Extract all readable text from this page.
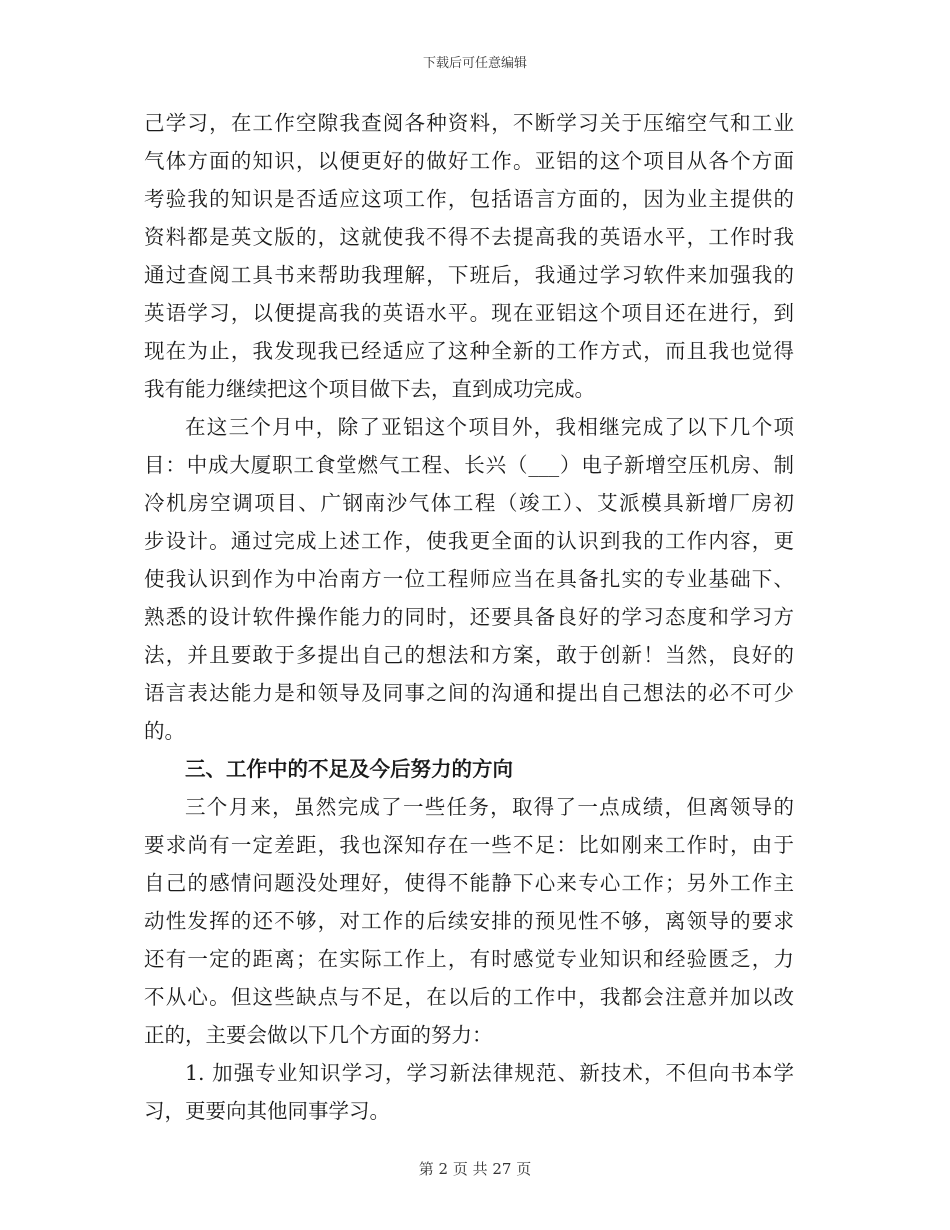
下载后可任意编辑
己学习，在工作空隙我查阅各种资料，不断学习关于压缩空气和工业
气体方面的知识，以便更好的做好工作。亚铝的这个项目从各个方面
考验我的知识是否适应这项工作，包括语言方面的，因为业主提供的
资料都是英文版的，这就使我不得不去提高我的英语水平，工作时我
通过查阅工具书来帮助我理解，下班后，我通过学习软件来加强我的
英语学习，以便提高我的英语水平。现在亚铝这个项目还在进行，到
现在为止，我发现我已经适应了这种全新的工作方式，而且我也觉得
我有能力继续把这个项目做下去，直到成功完成。
在这三个月中，除了亚铝这个项目外，我相继完成了以下几个项
目：中成大厦职工食堂燃气工程、长兴（___）电子新增空压机房、制
冷机房空调项目、广钢南沙气体工程（竣工）、艾派模具新增厂房初
步设计。通过完成上述工作，使我更全面的认识到我的工作内容，更
使我认识到作为中冶南方一位工程师应当在具备扎实的专业基础下、
熟悉的设计软件操作能力的同时，还要具备良好的学习态度和学习方
法，并且要敢于多提出自己的想法和方案，敢于创新！当然，良好的
语言表达能力是和领导及同事之间的沟通和提出自己想法的必不可少
的。
三、工作中的不足及今后努力的方向
三个月来，虽然完成了一些任务，取得了一点成绩，但离领导的
要求尚有一定差距，我也深知存在一些不足：比如刚来工作时，由于
自己的感情问题没处理好，使得不能静下心来专心工作；另外工作主
动性发挥的还不够，对工作的后续安排的预见性不够，离领导的要求
还有一定的距离；在实际工作上，有时感觉专业知识和经验匮乏，力
不从心。但这些缺点与不足，在以后的工作中，我都会注意并加以改
正的，主要会做以下几个方面的努力：
1. 加强专业知识学习，学习新法律规范、新技术，不但向书本学
习，更要向其他同事学习。
第 2 页 共 27 页
